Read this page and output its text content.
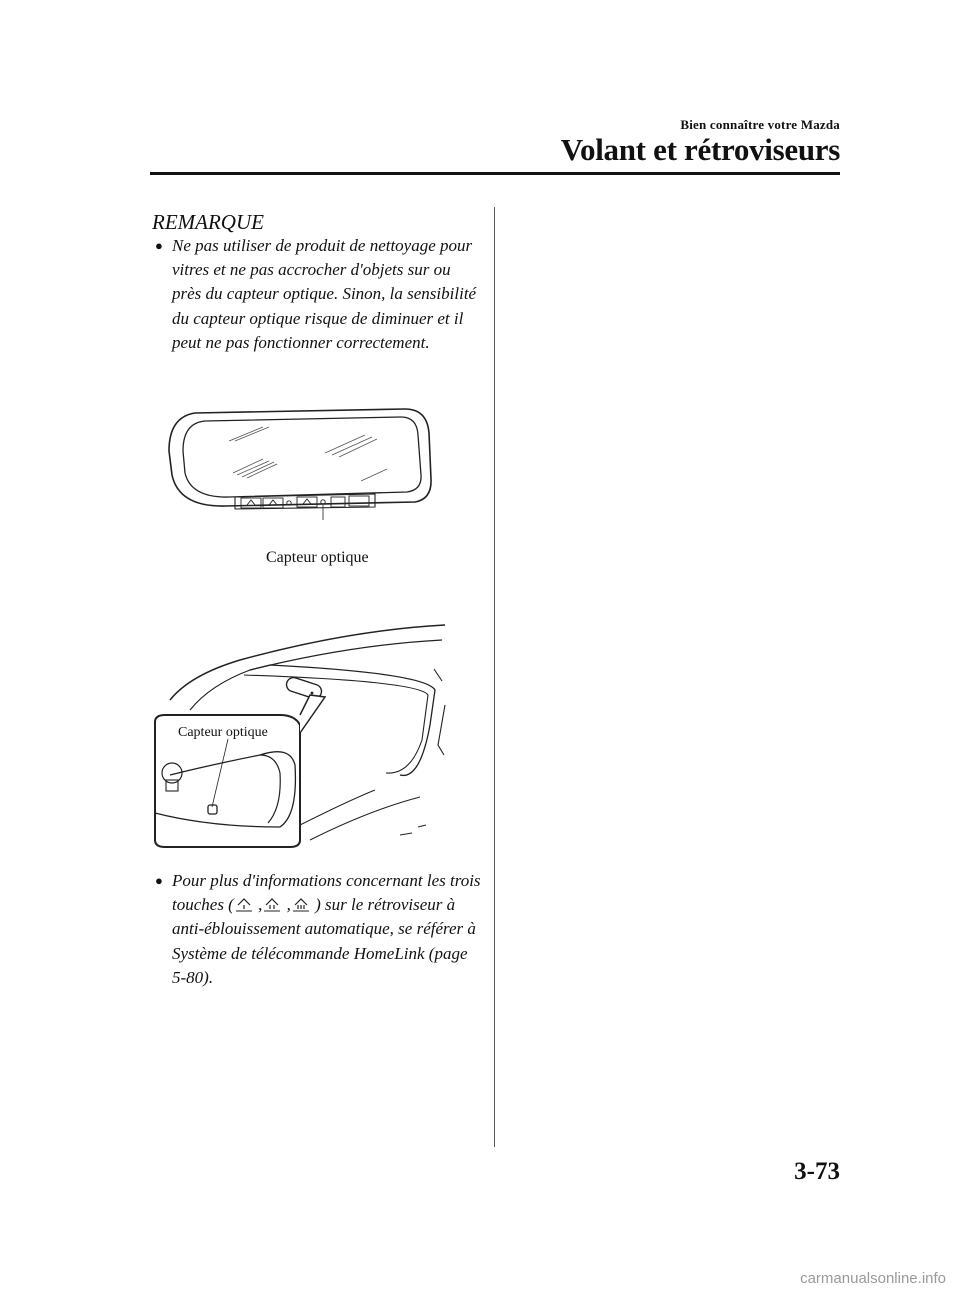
Bien connaître votre Mazda
Volant et rétroviseurs
REMARQUE
● Ne pas utiliser de produit de nettoyage pour vitres et ne pas accrocher d'objets sur ou près du capteur optique. Sinon, la sensibilité du capteur optique risque de diminuer et il peut ne pas fonctionner correctement.
Capteur optique
Capteur optique
● Pour plus d'informations concernant les trois touches ( , , ) sur le rétroviseur à anti-éblouissement automatique, se référer à Système de télécommande HomeLink (page 5-80).
3-73
carmanualsonline.info
